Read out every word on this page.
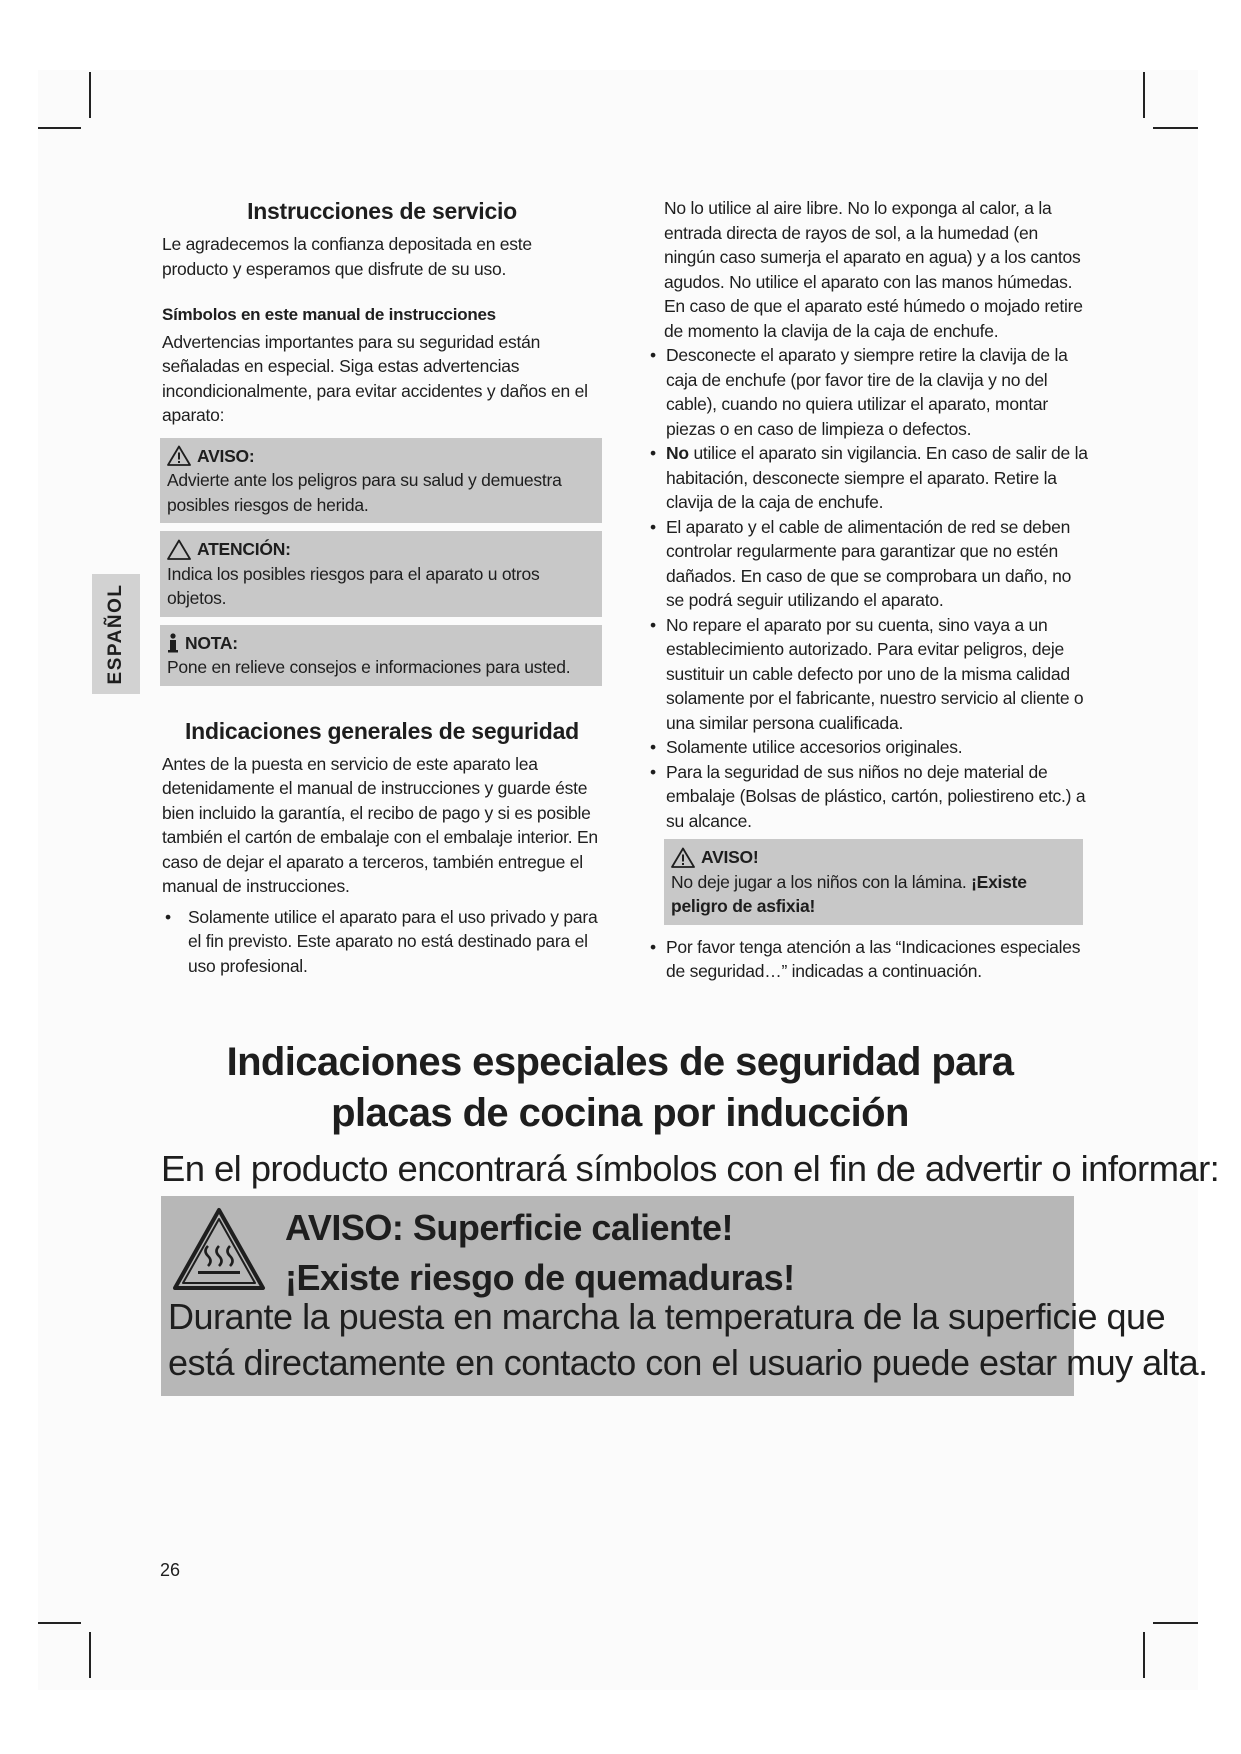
ESPAÑOL
Instrucciones de servicio

Le agradecemos la confianza depositada en este producto y esperamos que disfrute de su uso.

Símbolos en este manual de instrucciones

Advertencias importantes para su seguridad están señaladas en especial. Siga estas advertencias incondicionalmente, para evitar accidentes y daños en el aparato:

AVISO:

Advierte ante los peligros para su salud y demuestra posibles riesgos de herida.

ATENCIÓN:

Indica los posibles riesgos para el aparato u otros objetos.

NOTA:

Pone en relieve consejos e informaciones para usted.

Indicaciones generales de seguridad

Antes de la puesta en servicio de este aparato lea detenidamente el manual de instrucciones y guarde éste bien incluido la garantía, el recibo de pago y si es posible también el cartón de embalaje con el embalaje interior. En caso de dejar el aparato a terceros, también entregue el manual de instrucciones.

• Solamente utilice el aparato para el uso privado y para el fin previsto. Este aparato no está destinado para el uso profesional.

No lo utilice al aire libre. No lo exponga al calor, a la entrada directa de rayos de sol, a la humedad (en ningún caso sumerja el aparato en agua) y a los cantos agudos. No utilice el aparato con las manos húmedas. En caso de que el aparato esté húmedo o mojado retire de momento la clavija de la caja de enchufe.

• Desconecte el aparato y siempre retire la clavija de la caja de enchufe (por favor tire de la clavija y no del cable), cuando no quiera utilizar el aparato, montar piezas o en caso de limpieza o defectos.

• No utilice el aparato sin vigilancia. En caso de salir de la habitación, desconecte siempre el aparato. Retire la clavija de la caja de enchufe.

• El aparato y el cable de alimentación de red se deben controlar regularmente para garantizar que no estén dañados. En caso de que se comprobara un daño, no se podrá seguir utilizando el aparato.

• No repare el aparato por su cuenta, sino vaya a un establecimiento autorizado. Para evitar peligros, deje sustituir un cable defecto por uno de la misma calidad solamente por el fabricante, nuestro servicio al cliente o una similar persona cualificada.

• Solamente utilice accesorios originales.

• Para la seguridad de sus niños no deje material de embalaje (Bolsas de plástico, cartón, poliestireno etc.) a su alcance.

AVISO!

No deje jugar a los niños con la lámina. ¡Existe peligro de asfixia!

• Por favor tenga atención a las “Indicaciones especiales de seguridad…” indicadas a continuación.

Indicaciones especiales de seguridad para
placas de cocina por inducción
En el producto encontrará símbolos con el fin de advertir o informar:
AVISO: Superficie caliente!
¡Existe riesgo de quemaduras!
Durante la puesta en marcha la temperatura de la superficie que
está directamente en contacto con el usuario puede estar muy alta.
26
